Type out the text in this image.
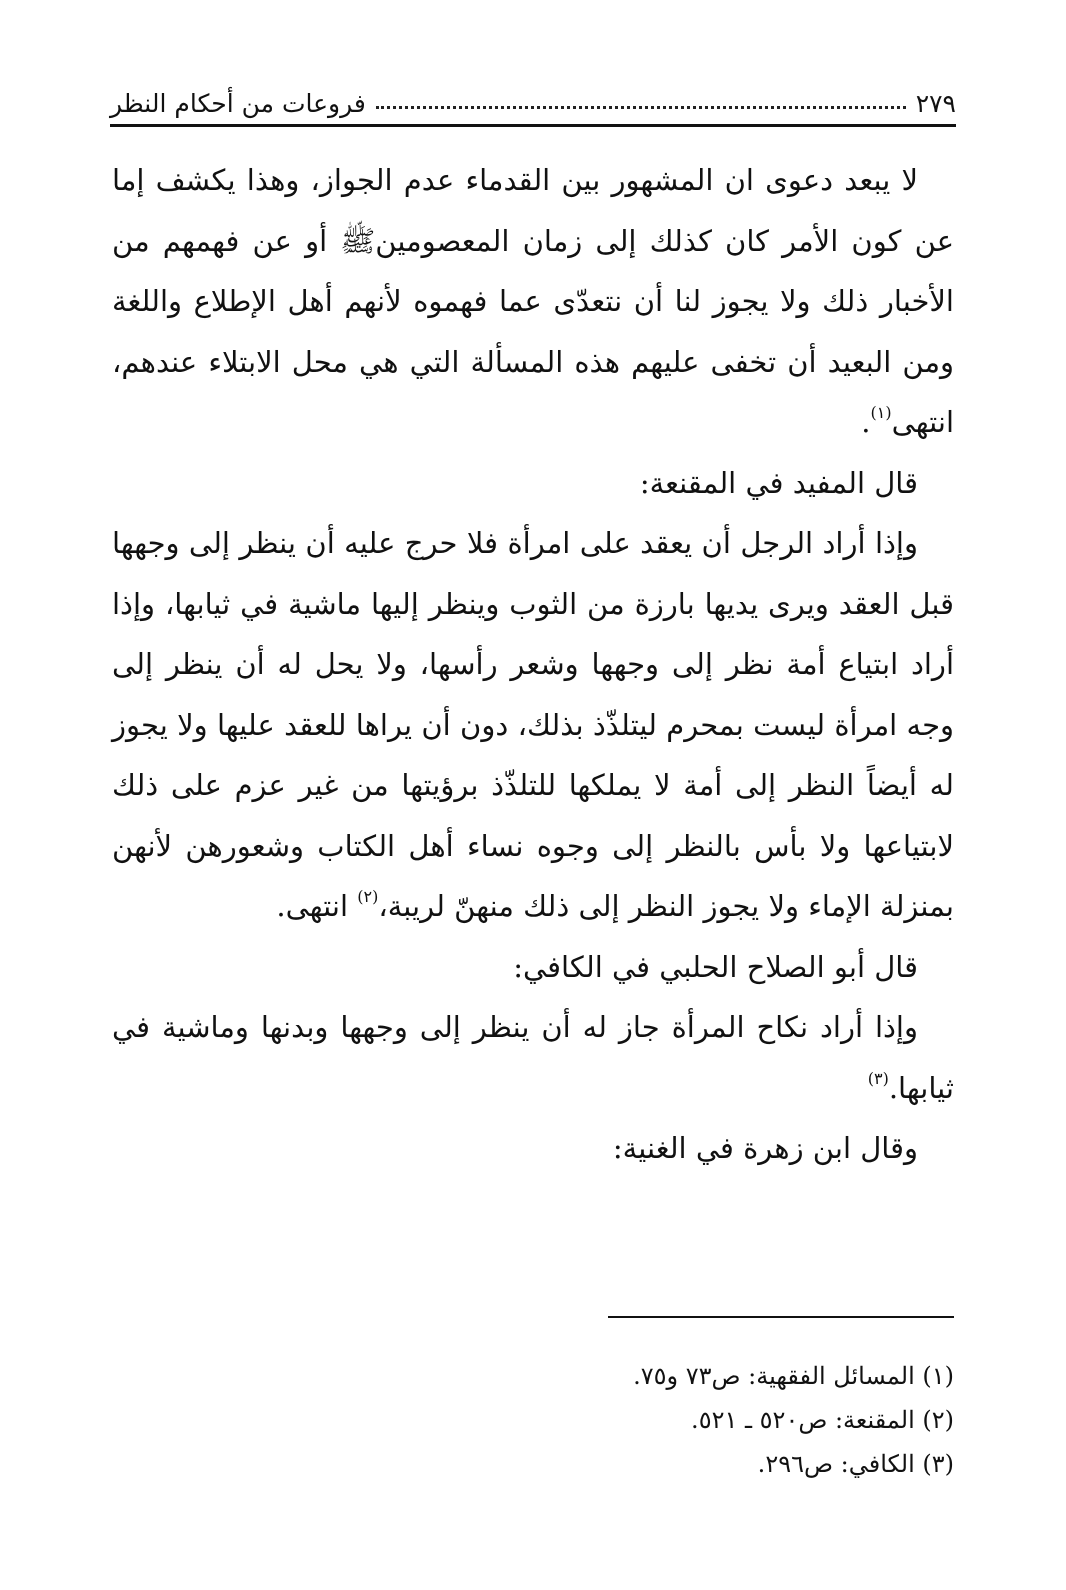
٢٧٩
فروعات من أحكام النظر

لا يبعد دعوى ان المشهور بين القدماء عدم الجواز، وهذا يكشف إما عن كون الأمر كان كذلك إلى زمان المعصومينﷺ أو عن فهمهم من الأخبار ذلك ولا يجوز لنا أن نتعدّى عما فهموه لأنهم أهل الإطلاع واللغة ومن البعيد أن تخفى عليهم هذه المسألة التي هي محل الابتلاء عندهم، انتهى$^{(١)}$.

قال المفيد في المقنعة:

وإذا أراد الرجل أن يعقد على امرأة فلا حرج عليه أن ينظر إلى وجهها قبل العقد ويرى يديها بارزة من الثوب وينظر إليها ماشية في ثيابها، وإذا أراد ابتياع أمة نظر إلى وجهها وشعر رأسها، ولا يحل له أن ينظر إلى وجه امرأة ليست بمحرم ليتلذّذ بذلك، دون أن يراها للعقد عليها ولا يجوز له أيضاً النظر إلى أمة لا يملكها للتلذّذ برؤيتها من غير عزم على ذلك لابتياعها ولا بأس بالنظر إلى وجوه نساء أهل الكتاب وشعورهن لأنهن بمنزلة الإماء ولا يجوز النظر إلى ذلك منهنّ لريبة،$^{(٢)}$ انتهى.

قال أبو الصلاح الحلبي في الكافي:

وإذا أراد نكاح المرأة جاز له أن ينظر إلى وجهها وبدنها وماشية في ثيابها.$^{(٣)}$

وقال ابن زهرة في الغنية:

(١) المسائل الفقهية: ص٧٣ و٧٥.
(٢) المقنعة: ص٥٢٠ ـ ٥٢١.
(٣) الكافي: ص٢٩٦.
